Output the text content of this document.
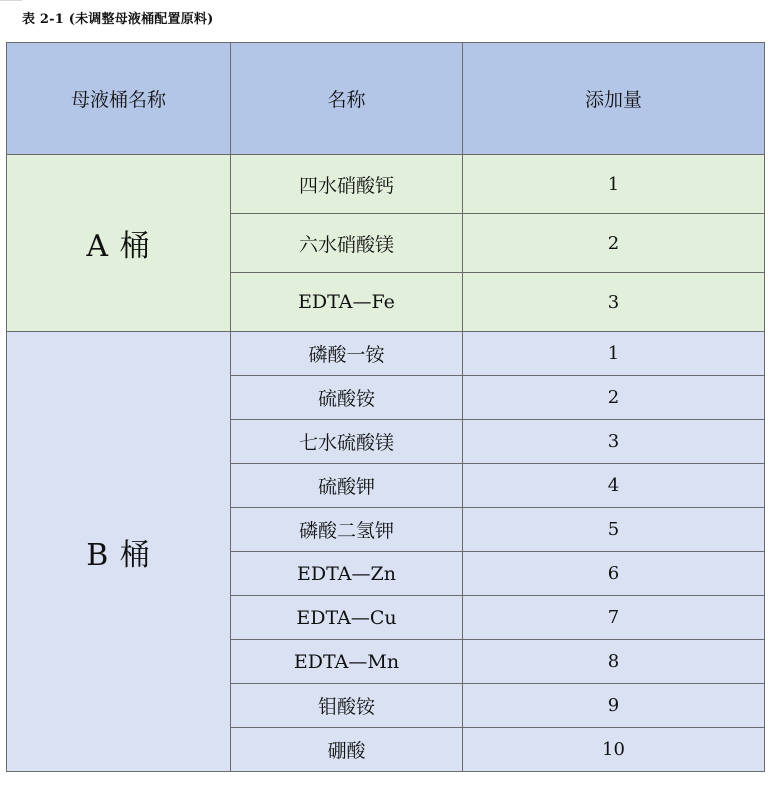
表 2-1 (未调整母液桶配置原料)
母液桶名称	名称	添加量
A 桶	四水硝酸钙	1
	六水硝酸镁	2
	EDTA—Fe	3
B 桶	磷酸一铵	1
	硫酸铵	2
	七水硫酸镁	3
	硫酸钾	4
	磷酸二氢钾	5
	EDTA—Zn	6
	EDTA—Cu	7
	EDTA—Mn	8
	钼酸铵	9
	硼酸	10
